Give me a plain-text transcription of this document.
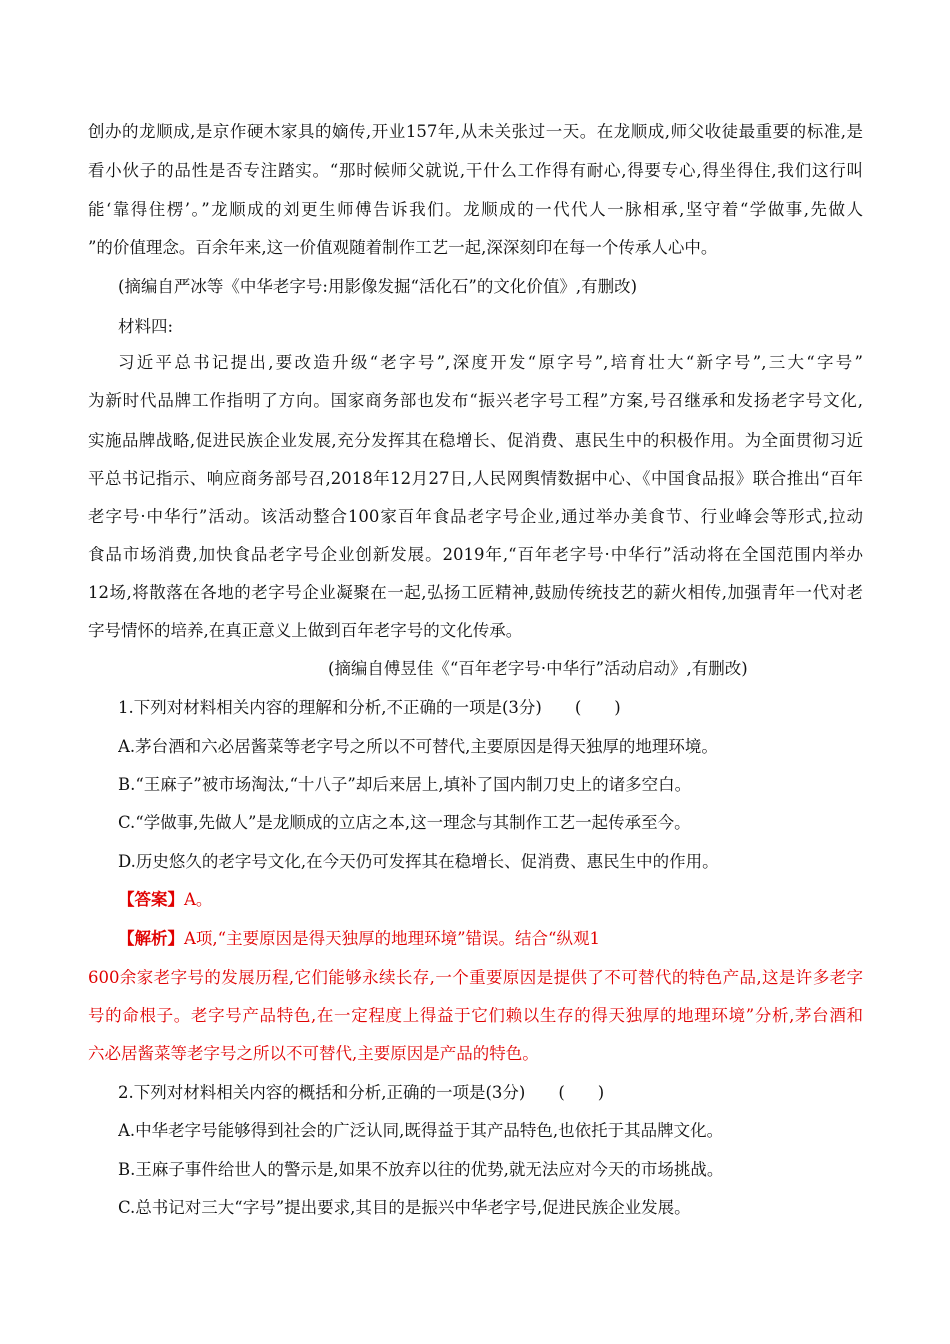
创办的龙顺成,是京作硬木家具的嫡传,开业157年,从未关张过一天。在龙顺成,师父收徒最重要的标准,是
看小伙子的品性是否专注踏实。“那时候师父就说,干什么工作得有耐心,得要专心,得坐得住,我们这行叫
能‘靠得住楞’。”龙顺成的刘更生师傅告诉我们。龙顺成的一代代人一脉相承,坚守着“学做事,先做人
”的价值理念。百余年来,这一价值观随着制作工艺一起,深深刻印在每一个传承人心中。
(摘编自严冰等《中华老字号:用影像发掘“活化石”的文化价值》,有删改)
材料四:
习近平总书记提出,要改造升级“老字号”,深度开发“原字号”,培育壮大“新字号”,三大“字号”
为新时代品牌工作指明了方向。国家商务部也发布“振兴老字号工程”方案,号召继承和发扬老字号文化,
实施品牌战略,促进民族企业发展,充分发挥其在稳增长、促消费、惠民生中的积极作用。为全面贯彻习近
平总书记指示、响应商务部号召,2018年12月27日,人民网舆情数据中心、《中国食品报》联合推出“百年
老字号·中华行”活动。该活动整合100家百年食品老字号企业,通过举办美食节、行业峰会等形式,拉动
食品市场消费,加快食品老字号企业创新发展。2019年,“百年老字号·中华行”活动将在全国范围内举办
12场,将散落在各地的老字号企业凝聚在一起,弘扬工匠精神,鼓励传统技艺的薪火相传,加强青年一代对老
字号情怀的培养,在真正意义上做到百年老字号的文化传承。
(摘编自傅昱佳《“百年老字号·中华行”活动启动》,有删改)
1.下列对材料相关内容的理解和分析,不正确的一项是(3分)　　(　　)
A.茅台酒和六必居酱菜等老字号之所以不可替代,主要原因是得天独厚的地理环境。
B.“王麻子”被市场淘汰,“十八子”却后来居上,填补了国内制刀史上的诸多空白。
C.“学做事,先做人”是龙顺成的立店之本,这一理念与其制作工艺一起传承至今。
D.历史悠久的老字号文化,在今天仍可发挥其在稳增长、促消费、惠民生中的作用。
【答案】A。
【解析】A项,“主要原因是得天独厚的地理环境”错误。结合“纵观1
600余家老字号的发展历程,它们能够永续长存,一个重要原因是提供了不可替代的特色产品,这是许多老字
号的命根子。老字号产品特色,在一定程度上得益于它们赖以生存的得天独厚的地理环境”分析,茅台酒和
六必居酱菜等老字号之所以不可替代,主要原因是产品的特色。
2.下列对材料相关内容的概括和分析,正确的一项是(3分)　　(　　)
A.中华老字号能够得到社会的广泛认同,既得益于其产品特色,也依托于其品牌文化。
B.王麻子事件给世人的警示是,如果不放弃以往的优势,就无法应对今天的市场挑战。
C.总书记对三大“字号”提出要求,其目的是振兴中华老字号,促进民族企业发展。
